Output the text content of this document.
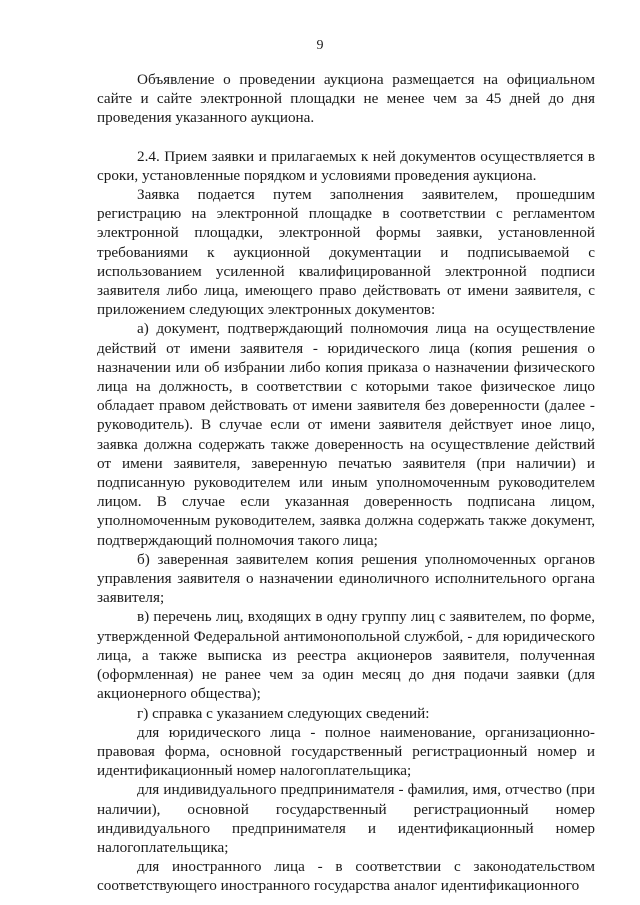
9

Объявление о проведении аукциона размещается на официальном сайте и сайте электронной площадки не менее чем за 45 дней до дня проведения указанного аукциона.

2.4. Прием заявки и прилагаемых к ней документов осуществляется в сроки, установленные порядком и условиями проведения аукциона.

Заявка подается путем заполнения заявителем, прошедшим регистрацию на электронной площадке в соответствии с регламентом электронной площадки, электронной формы заявки, установленной требованиями к аукционной документации и подписываемой с использованием усиленной квалифицированной электронной подписи заявителя либо лица, имеющего право действовать от имени заявителя, с приложением следующих электронных документов:

а) документ, подтверждающий полномочия лица на осуществление действий от имени заявителя - юридического лица (копия решения о назначении или об избрании либо копия приказа о назначении физического лица на должность, в соответствии с которыми такое физическое лицо обладает правом действовать от имени заявителя без доверенности (далее - руководитель). В случае если от имени заявителя действует иное лицо, заявка должна содержать также доверенность на осуществление действий от имени заявителя, заверенную печатью заявителя (при наличии) и подписанную руководителем или иным уполномоченным руководителем лицом. В случае если указанная доверенность подписана лицом, уполномоченным руководителем, заявка должна содержать также документ, подтверждающий полномочия такого лица;

б) заверенная заявителем копия решения уполномоченных органов управления заявителя о назначении единоличного исполнительного органа заявителя;

в) перечень лиц, входящих в одну группу лиц с заявителем, по форме, утвержденной Федеральной антимонопольной службой, - для юридического лица, а также выписка из реестра акционеров заявителя, полученная (оформленная) не ранее чем за один месяц до дня подачи заявки (для акционерного общества);

г) справка с указанием следующих сведений:

для юридического лица - полное наименование, организационно-правовая форма, основной государственный регистрационный номер и идентификационный номер налогоплательщика;

для индивидуального предпринимателя - фамилия, имя, отчество (при наличии), основной государственный регистрационный номер индивидуального предпринимателя и идентификационный номер налогоплательщика;

для иностранного лица - в соответствии с законодательством соответствующего иностранного государства аналог идентификационного
